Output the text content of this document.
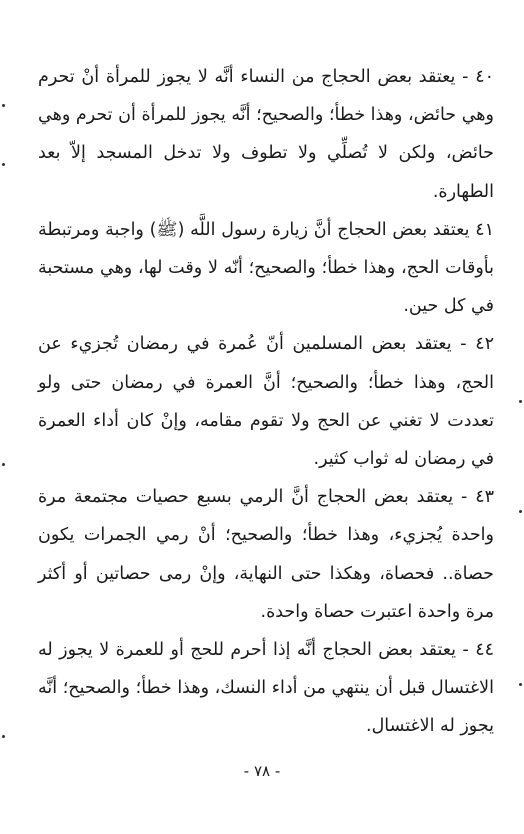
٤٠ - يعتقد بعض الحجاج من النساء أنَّه لا يجوز للمرأة أنْ تحرم وهي حائض، وهذا خطأ؛ والصحيح؛ أنَّه يجوز للمرأة أن تحرم وهي حائض، ولكن لا تُصلِّي ولا تطوف ولا تدخل المسجد إلاّ بعد الطهارة.

٤١ يعتقد بعض الحجاج أنَّ زيارة رسول اللَّه (ﷺ) واجبة ومرتبطة بأوقات الحج، وهذا خطأ؛ والصحيح؛ أنّه لا وقت لها، وهي مستحبة في كل حين.

٤٢ - يعتقد بعض المسلمين أنّ عُمرة في رمضان تُجزيء عن الحج، وهذا خطأ؛ والصحيح؛ أنَّ العمرة في رمضان حتى ولو تعددت لا تغني عن الحج ولا تقوم مقامه، وإنْ كان أداء العمرة في رمضان له ثواب كثير.

٤٣ - يعتقد بعض الحجاج أنَّ الرمي بسبع حصيات مجتمعة مرة واحدة يُجزيء، وهذا خطأ؛ والصحيح؛ أنْ رمي الجمرات يكون حصاة.. فحصاة، وهكذا حتى النهاية، وإنْ رمى حصاتين أو أكثر مرة واحدة اعتبرت حصاة واحدة.

٤٤ - يعتقد بعض الحجاج أنَّه إذا أحرم للحج أو للعمرة لا يجوز له الاغتسال قبل أن ينتهي من أداء النسك، وهذا خطأ؛ والصحيح؛ أنَّه يجوز له الاغتسال.

- ٧٨ -
